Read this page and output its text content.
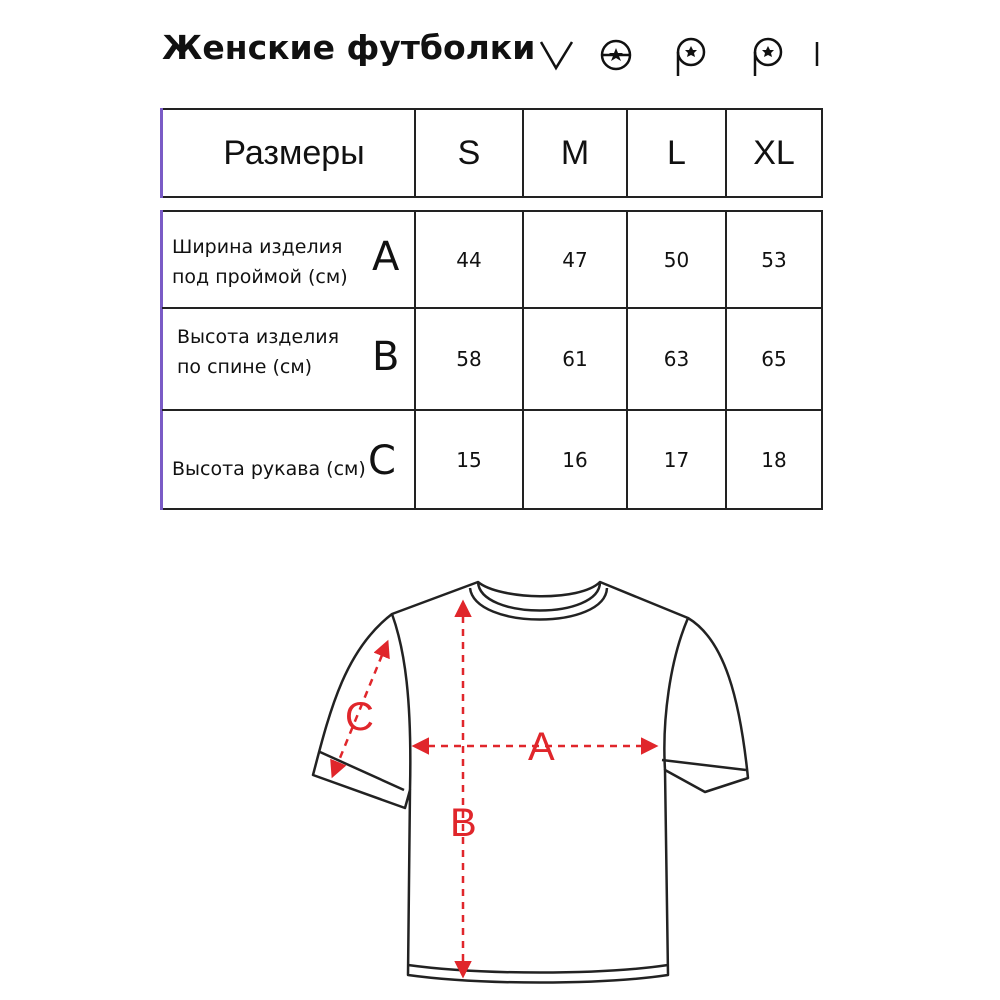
Женские футболки
Размеры	S	M	L	XL
Ширина изделия
под проймой (см) A	44	47	50	53
Высота изделия
по спине (см)	B	58	61	63	65
Высота рукава (см) C	15	16	17	18
A
B
C
